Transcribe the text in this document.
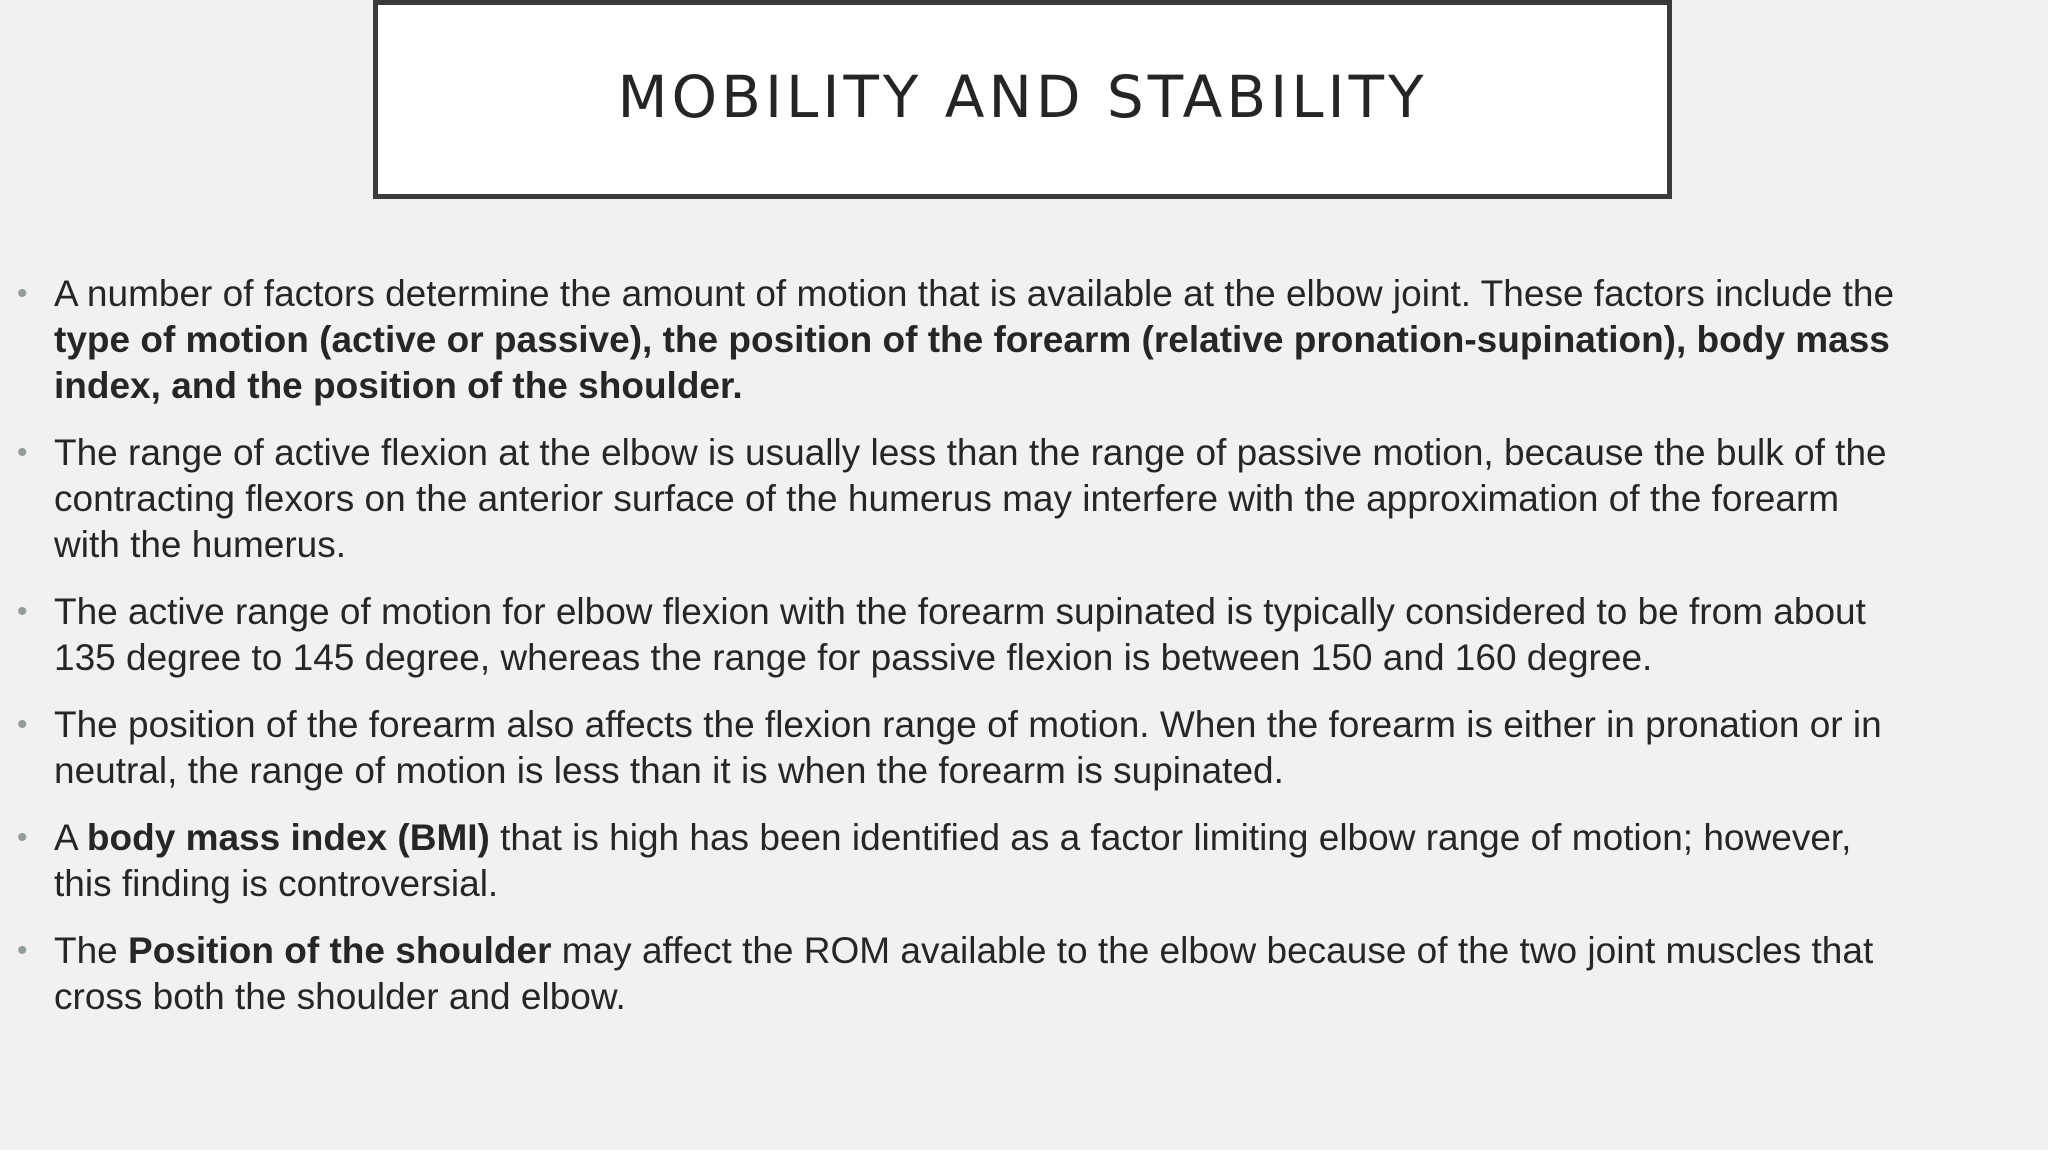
MOBILITY AND STABILITY
• A number of factors determine the amount of motion that is available at the elbow joint. These factors include the type of motion (active or passive), the position of the forearm (relative pronation-supination), body mass index, and the position of the shoulder.
• The range of active flexion at the elbow is usually less than the range of passive motion, because the bulk of the contracting flexors on the anterior surface of the humerus may interfere with the approximation of the forearm with the humerus.
• The active range of motion for elbow flexion with the forearm supinated is typically considered to be from about 135 degree to 145 degree, whereas the range for passive flexion is between 150 and 160 degree.
• The position of the forearm also affects the flexion range of motion. When the forearm is either in pronation or in neutral, the range of motion is less than it is when the forearm is supinated.
• A body mass index (BMI) that is high has been identified as a factor limiting elbow range of motion; however, this finding is controversial.
• The Position of the shoulder may affect the ROM available to the elbow because of the two joint muscles that cross both the shoulder and elbow.
